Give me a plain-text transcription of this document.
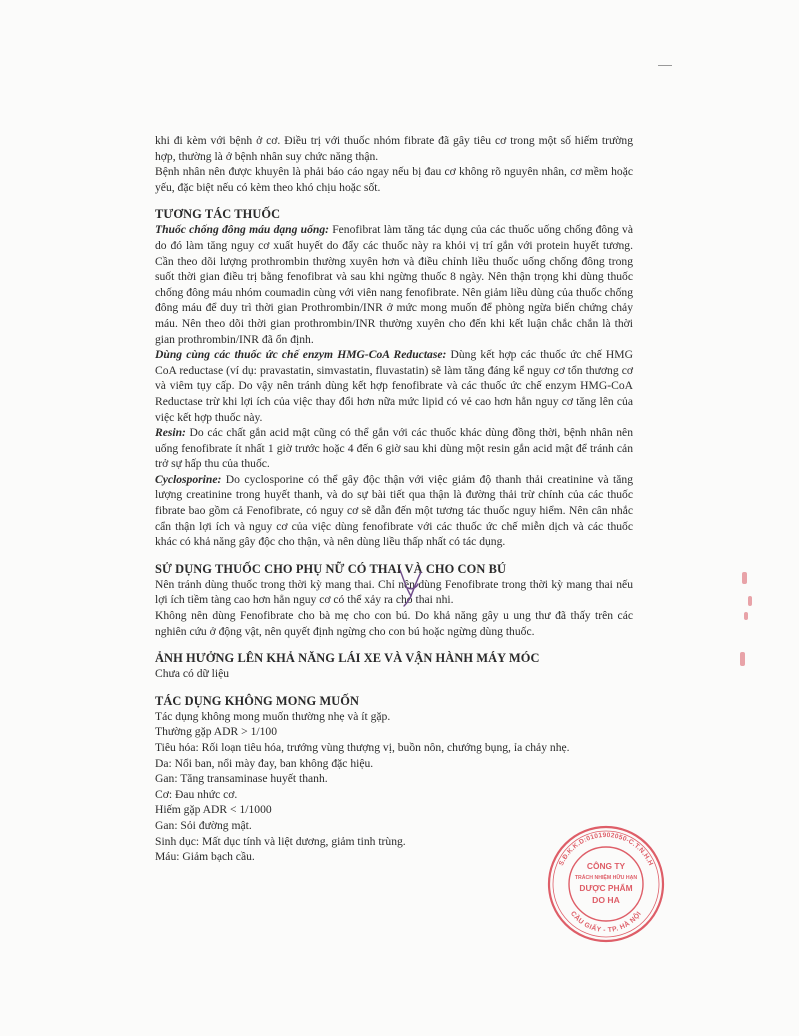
khi đi kèm với bệnh ở cơ. Điều trị với thuốc nhóm fibrate đã gây tiêu cơ trong một số hiếm trường hợp, thường là ở bệnh nhân suy chức năng thận.

Bệnh nhân nên được khuyên là phải báo cáo ngay nếu bị đau cơ không rõ nguyên nhân, cơ mềm hoặc yếu, đặc biệt nếu có kèm theo khó chịu hoặc sốt.

TƯƠNG TÁC THUỐC

Thuốc chống đông máu dạng uống: Fenofibrat làm tăng tác dụng của các thuốc uống chống đông và do đó làm tăng nguy cơ xuất huyết do đẩy các thuốc này ra khỏi vị trí gắn với protein huyết tương. Cần theo dõi lượng prothrombin thường xuyên hơn và điều chỉnh liều thuốc uống chống đông trong suốt thời gian điều trị bằng fenofibrat và sau khi ngừng thuốc 8 ngày. Nên thận trọng khi dùng thuốc chống đông máu nhóm coumadin cùng với viên nang fenofibrate. Nên giảm liều dùng của thuốc chống đông máu để duy trì thời gian Prothrombin/INR ở mức mong muốn để phòng ngừa biến chứng chảy máu. Nên theo dõi thời gian prothrombin/INR thường xuyên cho đến khi kết luận chắc chắn là thời gian prothrombin/INR đã ổn định.

Dùng cùng các thuốc ức chế enzym HMG-CoA Reductase: Dùng kết hợp các thuốc ức chế HMG CoA reductase (ví dụ: pravastatin, simvastatin, fluvastatin) sẽ làm tăng đáng kể nguy cơ tổn thương cơ và viêm tụy cấp. Do vậy nên tránh dùng kết hợp fenofibrate và các thuốc ức chế enzym HMG-CoA Reductase trừ khi lợi ích của việc thay đổi hơn nữa mức lipid có vẻ cao hơn hẳn nguy cơ tăng lên của việc kết hợp thuốc này.

Resin: Do các chất gắn acid mật cũng có thể gắn với các thuốc khác dùng đồng thời, bệnh nhân nên uống fenofibrate ít nhất 1 giờ trước hoặc 4 đến 6 giờ sau khi dùng một resin gắn acid mật để tránh cản trở sự hấp thu của thuốc.

Cyclosporine: Do cyclosporine có thể gây độc thận với việc giảm độ thanh thải creatinine và tăng lượng creatinine trong huyết thanh, và do sự bài tiết qua thận là đường thải trừ chính của các thuốc fibrate bao gồm cả Fenofibrate, có nguy cơ sẽ dẫn đến một tương tác thuốc nguy hiểm. Nên cân nhắc cẩn thận lợi ích và nguy cơ của việc dùng fenofibrate với các thuốc ức chế miễn dịch và các thuốc khác có khả năng gây độc cho thận, và nên dùng liều thấp nhất có tác dụng.

SỬ DỤNG THUỐC CHO PHỤ NỮ CÓ THAI VÀ CHO CON BÚ

Nên tránh dùng thuốc trong thời kỳ mang thai. Chỉ nên dùng Fenofibrate trong thời kỳ mang thai nếu lợi ích tiềm tàng cao hơn hẳn nguy cơ có thể xảy ra cho thai nhi.

Không nên dùng Fenofibrate cho bà mẹ cho con bú. Do khả năng gây u ung thư đã thấy trên các nghiên cứu ở động vật, nên quyết định ngừng cho con bú hoặc ngừng dùng thuốc.

ẢNH HƯỞNG LÊN KHẢ NĂNG LÁI XE VÀ VẬN HÀNH MÁY MÓC

Chưa có dữ liệu

TÁC DỤNG KHÔNG MONG MUỐN

Tác dụng không mong muốn thường nhẹ và ít gặp.

Thường gặp ADR > 1/100

Tiêu hóa: Rối loạn tiêu hóa, trướng vùng thượng vị, buồn nôn, chướng bụng, ỉa chảy nhẹ.

Da: Nổi ban, nổi mày đay, ban không đặc hiệu.

Gan: Tăng transaminase huyết thanh.

Cơ: Đau nhức cơ.

Hiếm gặp ADR < 1/1000

Gan: Sỏi đường mật.

Sinh dục: Mất dục tính và liệt dương, giảm tinh trùng.

Máu: Giảm bạch cầu.

S.Đ.K.K.D:0101902050-C.T.N.H.H
CẦU GIẤY - TP. HÀ NỘI
CÔNG TY
TRÁCH NHIỆM HỮU HẠN
DƯỢC PHẨM
DO HA
